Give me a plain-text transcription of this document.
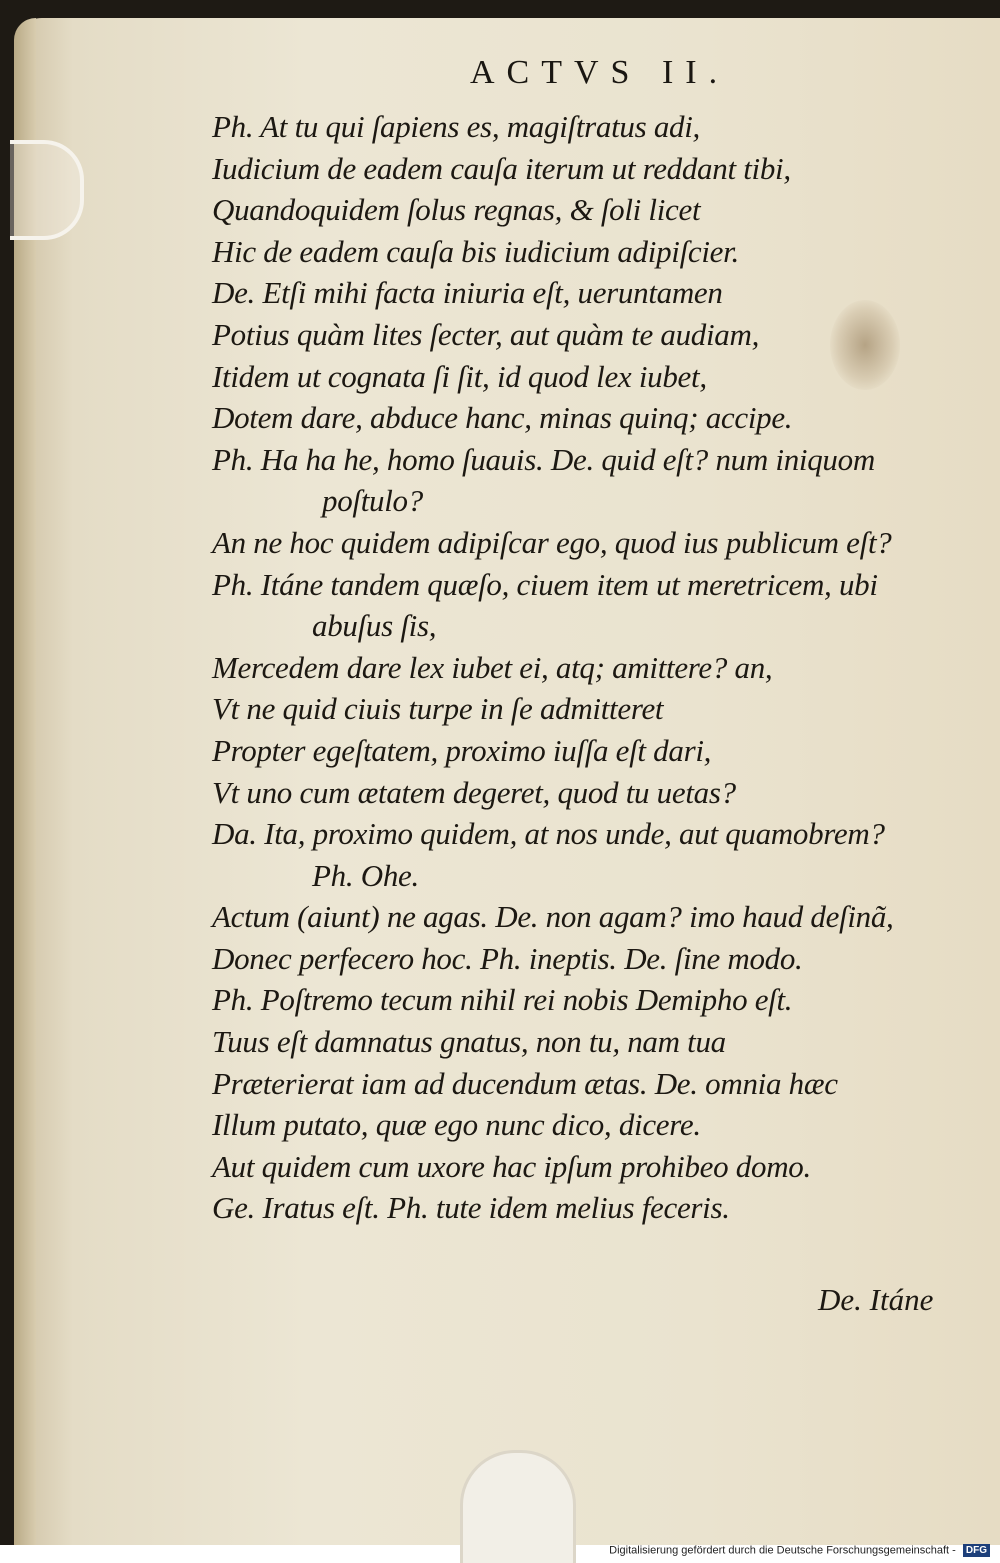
ACTVS II.
Ph. At tu qui ſapiens es, magiſtratus adi,
Iudicium de eadem cauſa iterum ut reddant tibi,
Quandoquidem ſolus regnas, & ſoli licet
Hic de eadem cauſa bis iudicium adipiſcier.
De. Etſi mihi facta iniuria eſt, ueruntamen
Potius quàm lites ſecter, aut quàm te audiam,
Itidem ut cognata ſi ſit, id quod lex iubet,
Dotem dare, abduce hanc, minas quinq; accipe.
Ph. Ha ha he, homo ſuauis. De. quid eſt? num iniquom
poſtulo?
An ne hoc quidem adipiſcar ego, quod ius publicum eſt?
Ph. Itáne tandem quæſo, ciuem item ut meretricem, ubi
abuſus ſis,
Mercedem dare lex iubet ei, atq; amittere? an,
Vt ne quid ciuis turpe in ſe admitteret
Propter egeſtatem, proximo iuſſa eſt dari,
Vt uno cum ætatem degeret, quod tu uetas?
Da. Ita, proximo quidem, at nos unde, aut quamobrem?
Ph. Ohe.
Actum (aiunt) ne agas. De. non agam? imo haud deſinã,
Donec perfecero hoc. Ph. ineptis. De. ſine modo.
Ph. Poſtremo tecum nihil rei nobis Demipho eſt.
Tuus eſt damnatus gnatus, non tu, nam tua
Præterierat iam ad ducendum ætas. De. omnia hæc
Illum putato, quæ ego nunc dico, dicere.
Aut quidem cum uxore hac ipſum prohibeo domo.
Ge. Iratus eſt. Ph. tute idem melius feceris.
De. Itáne
Digitalisierung gefördert durch die Deutsche Forschungsgemeinschaft - DFG
